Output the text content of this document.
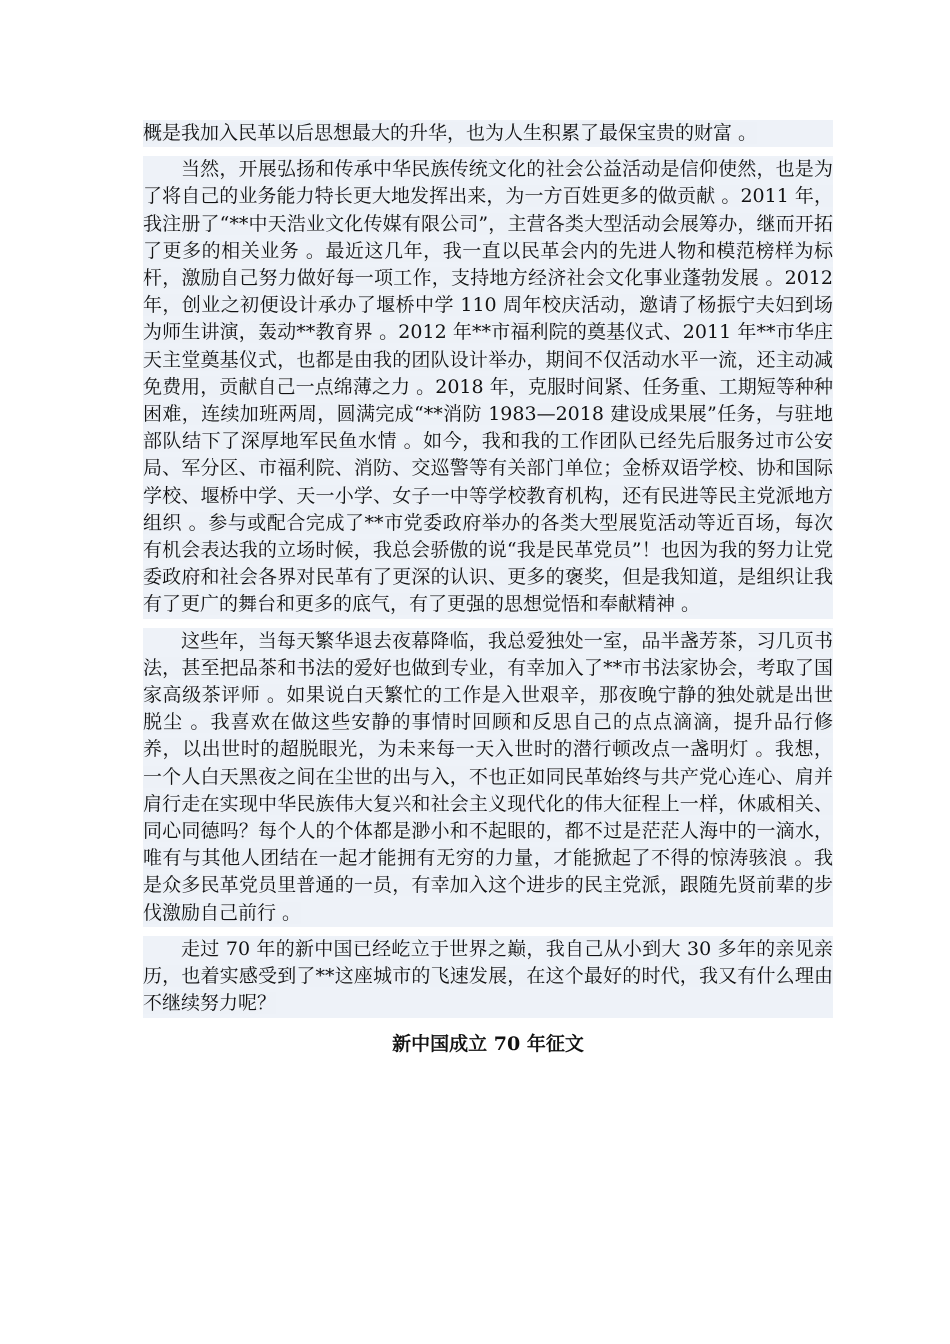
概是我加入民革以后思想最大的升华，也为人生积累了最保宝贵的财富 。

当然，开展弘扬和传承中华民族传统文化的社会公益活动是信仰使然，也是为了将自己的业务能力特长更大地发挥出来，为一方百姓更多的做贡献 。2011 年，我注册了“**中天浩业文化传媒有限公司”，主营各类大型活动会展筹办，继而开拓了更多的相关业务 。最近这几年，我一直以民革会内的先进人物和模范榜样为标杆，激励自己努力做好每一项工作，支持地方经济社会文化事业蓬勃发展 。2012 年，创业之初便设计承办了堰桥中学 110 周年校庆活动，邀请了杨振宁夫妇到场为师生讲演，轰动**教育界 。2012 年**市福利院的奠基仪式、2011 年**市华庄天主堂奠基仪式，也都是由我的团队设计举办，期间不仅活动水平一流，还主动减免费用，贡献自己一点绵薄之力 。2018 年，克服时间紧、任务重、工期短等种种困难，连续加班两周，圆满完成“**消防 1983—2018 建设成果展”任务，与驻地部队结下了深厚地军民鱼水情 。如今，我和我的工作团队已经先后服务过市公安局、军分区、市福利院、消防、交巡警等有关部门单位；金桥双语学校、协和国际学校、堰桥中学、天一小学、女子一中等学校教育机构，还有民进等民主党派地方组织 。参与或配合完成了**市党委政府举办的各类大型展览活动等近百场，每次有机会表达我的立场时候，我总会骄傲的说“我是民革党员”！也因为我的努力让党委政府和社会各界对民革有了更深的认识、更多的褒奖，但是我知道，是组织让我有了更广的舞台和更多的底气，有了更强的思想觉悟和奉献精神 。

这些年，当每天繁华退去夜幕降临，我总爱独处一室，品半盏芳茶，习几页书法，甚至把品茶和书法的爱好也做到专业，有幸加入了**市书法家协会，考取了国家高级茶评师 。如果说白天繁忙的工作是入世艰辛，那夜晚宁静的独处就是出世脱尘 。我喜欢在做这些安静的事情时回顾和反思自己的点点滴滴，提升品行修养，以出世时的超脱眼光，为未来每一天入世时的潜行顿改点一盏明灯 。我想，一个人白天黑夜之间在尘世的出与入，不也正如同民革始终与共产党心连心、肩并肩行走在实现中华民族伟大复兴和社会主义现代化的伟大征程上一样，休戚相关、同心同德吗？每个人的个体都是渺小和不起眼的，都不过是茫茫人海中的一滴水，唯有与其他人团结在一起才能拥有无穷的力量，才能掀起了不得的惊涛骇浪 。我是众多民革党员里普通的一员，有幸加入这个进步的民主党派，跟随先贤前辈的步伐激励自己前行 。

走过 70 年的新中国已经屹立于世界之巅，我自己从小到大 30 多年的亲见亲历，也着实感受到了**这座城市的飞速发展，在这个最好的时代，我又有什么理由不继续努力呢？

新中国成立 70 年征文
